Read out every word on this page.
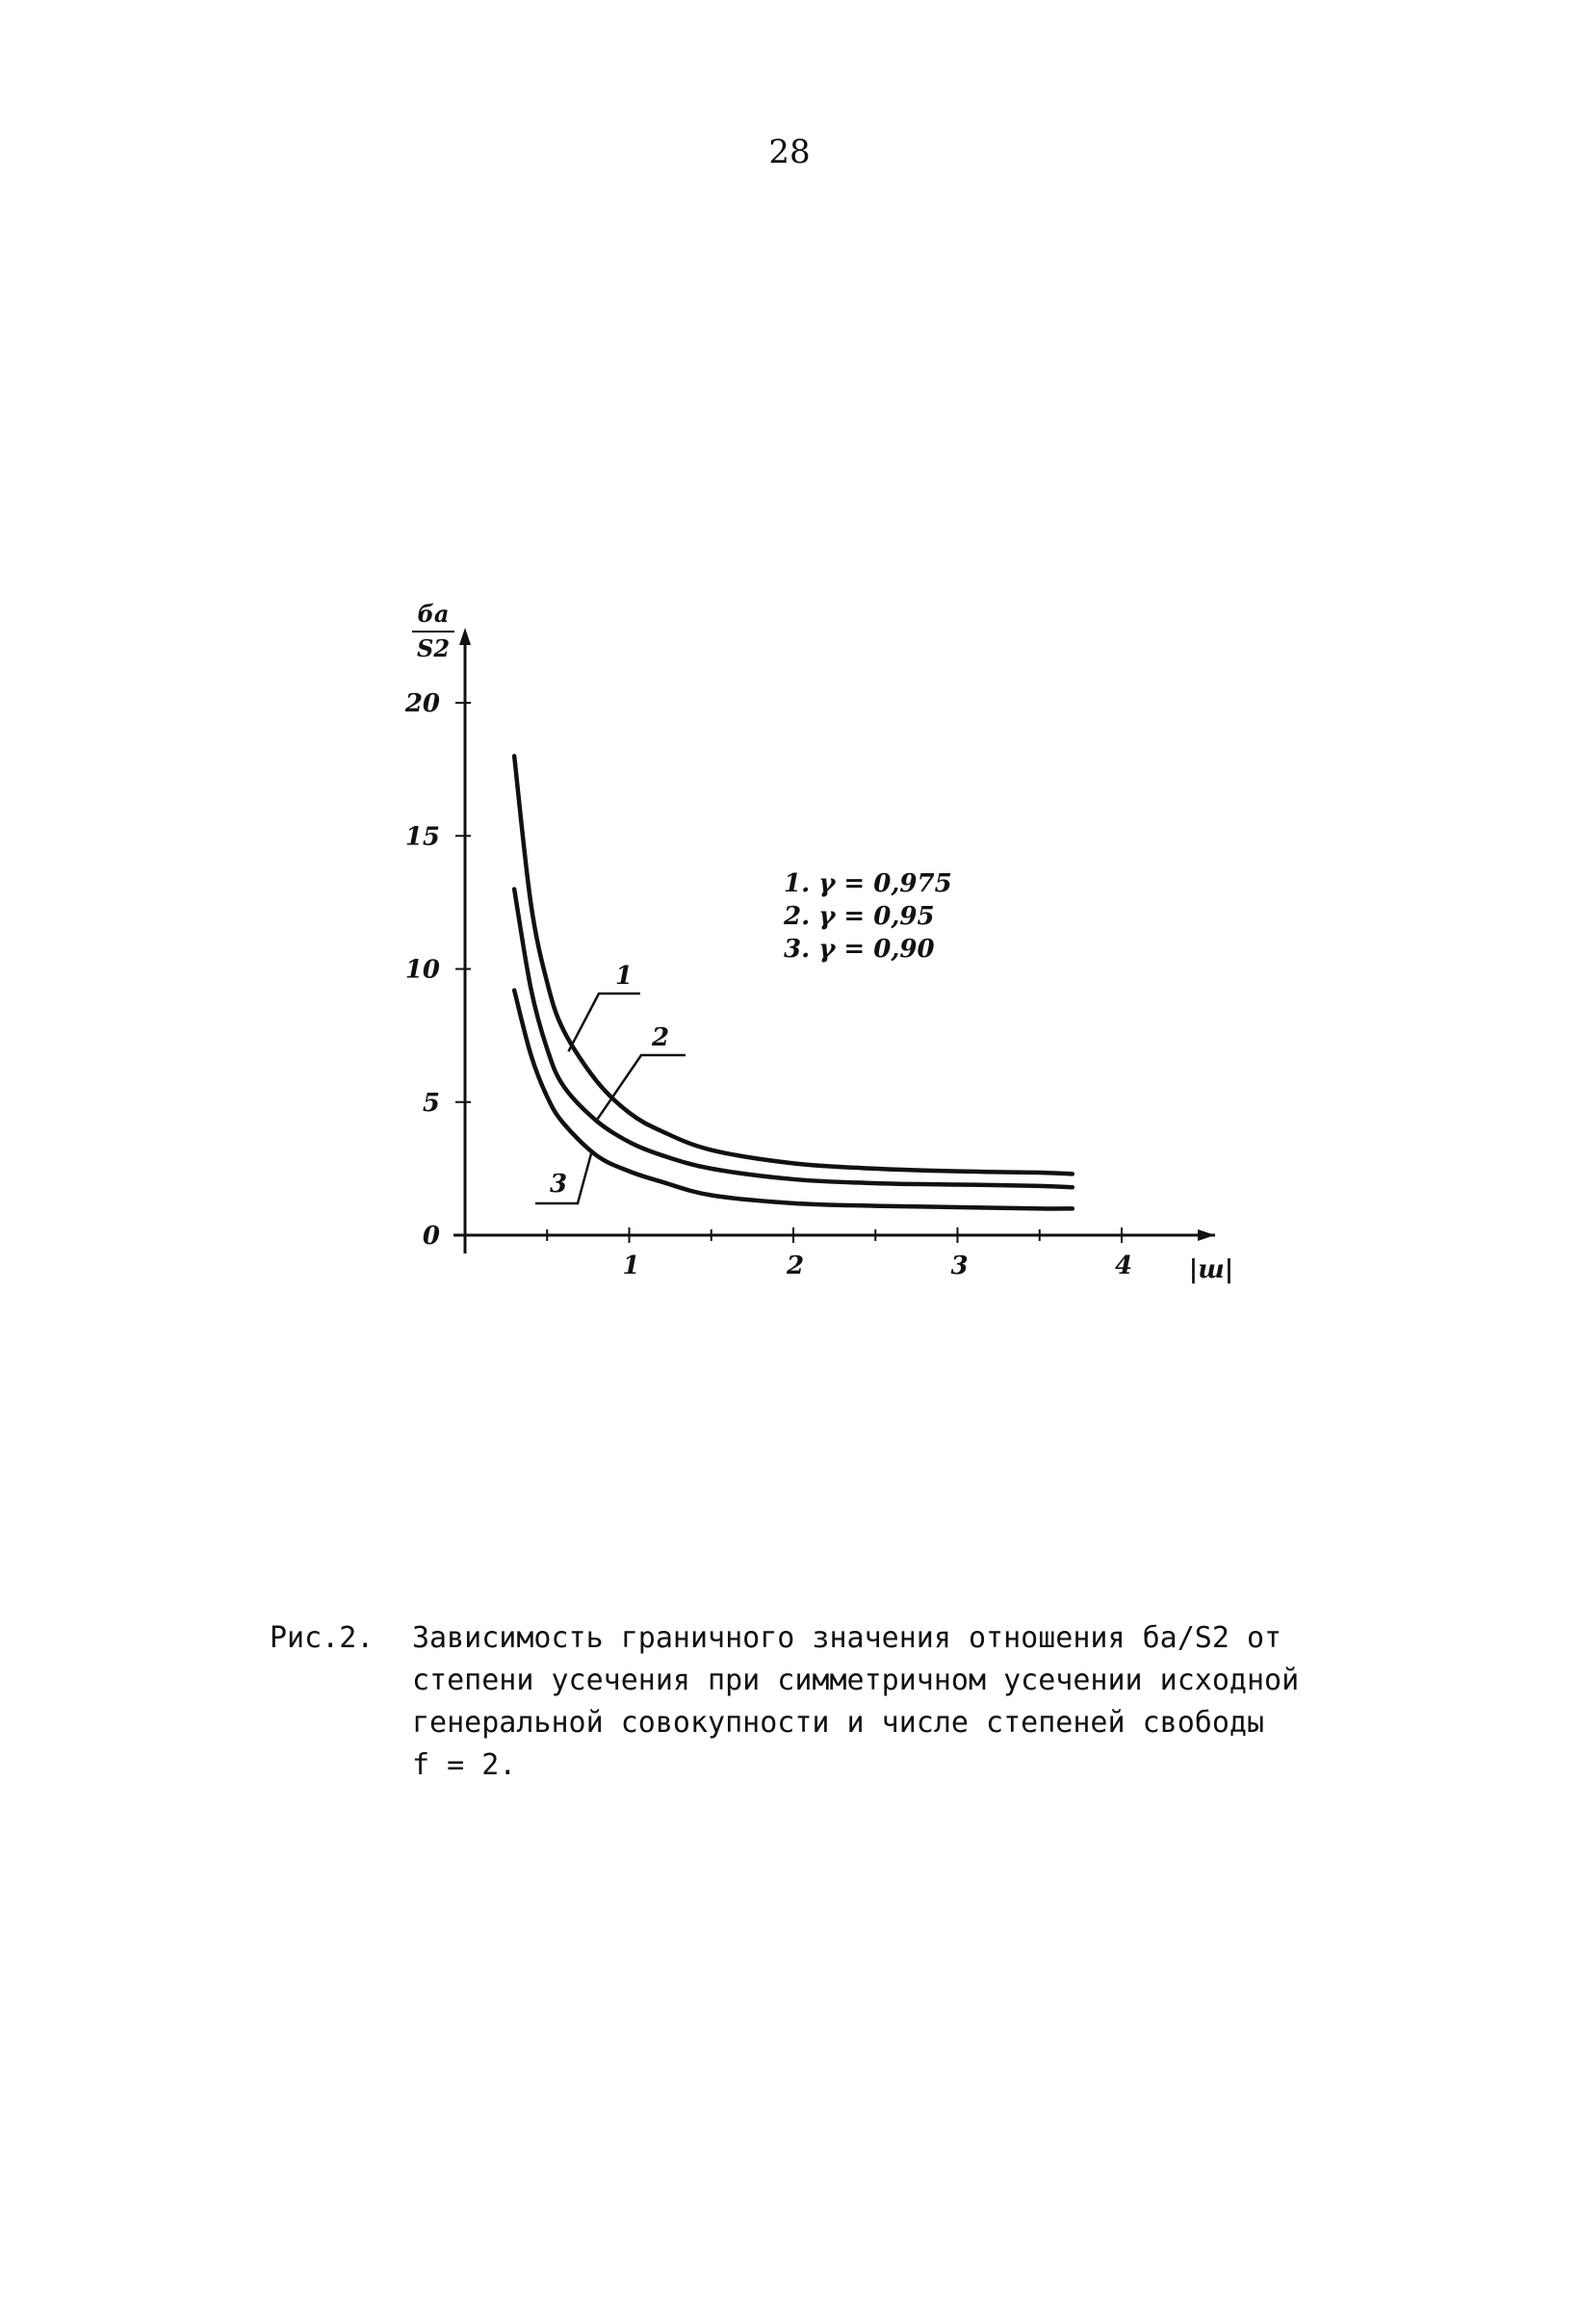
28
1	2	3	4
0
5
10
15
20
бa
S2
|ш|
1
2
3
1. γ = 0,975
2. γ = 0,95
3. γ = 0,90
Рис.2. Зависимость граничного значения отношения бa/S2 от
степени усечения при симметричном усечении исходной
генеральной совокупности и числе степеней свободы
f = 2.
